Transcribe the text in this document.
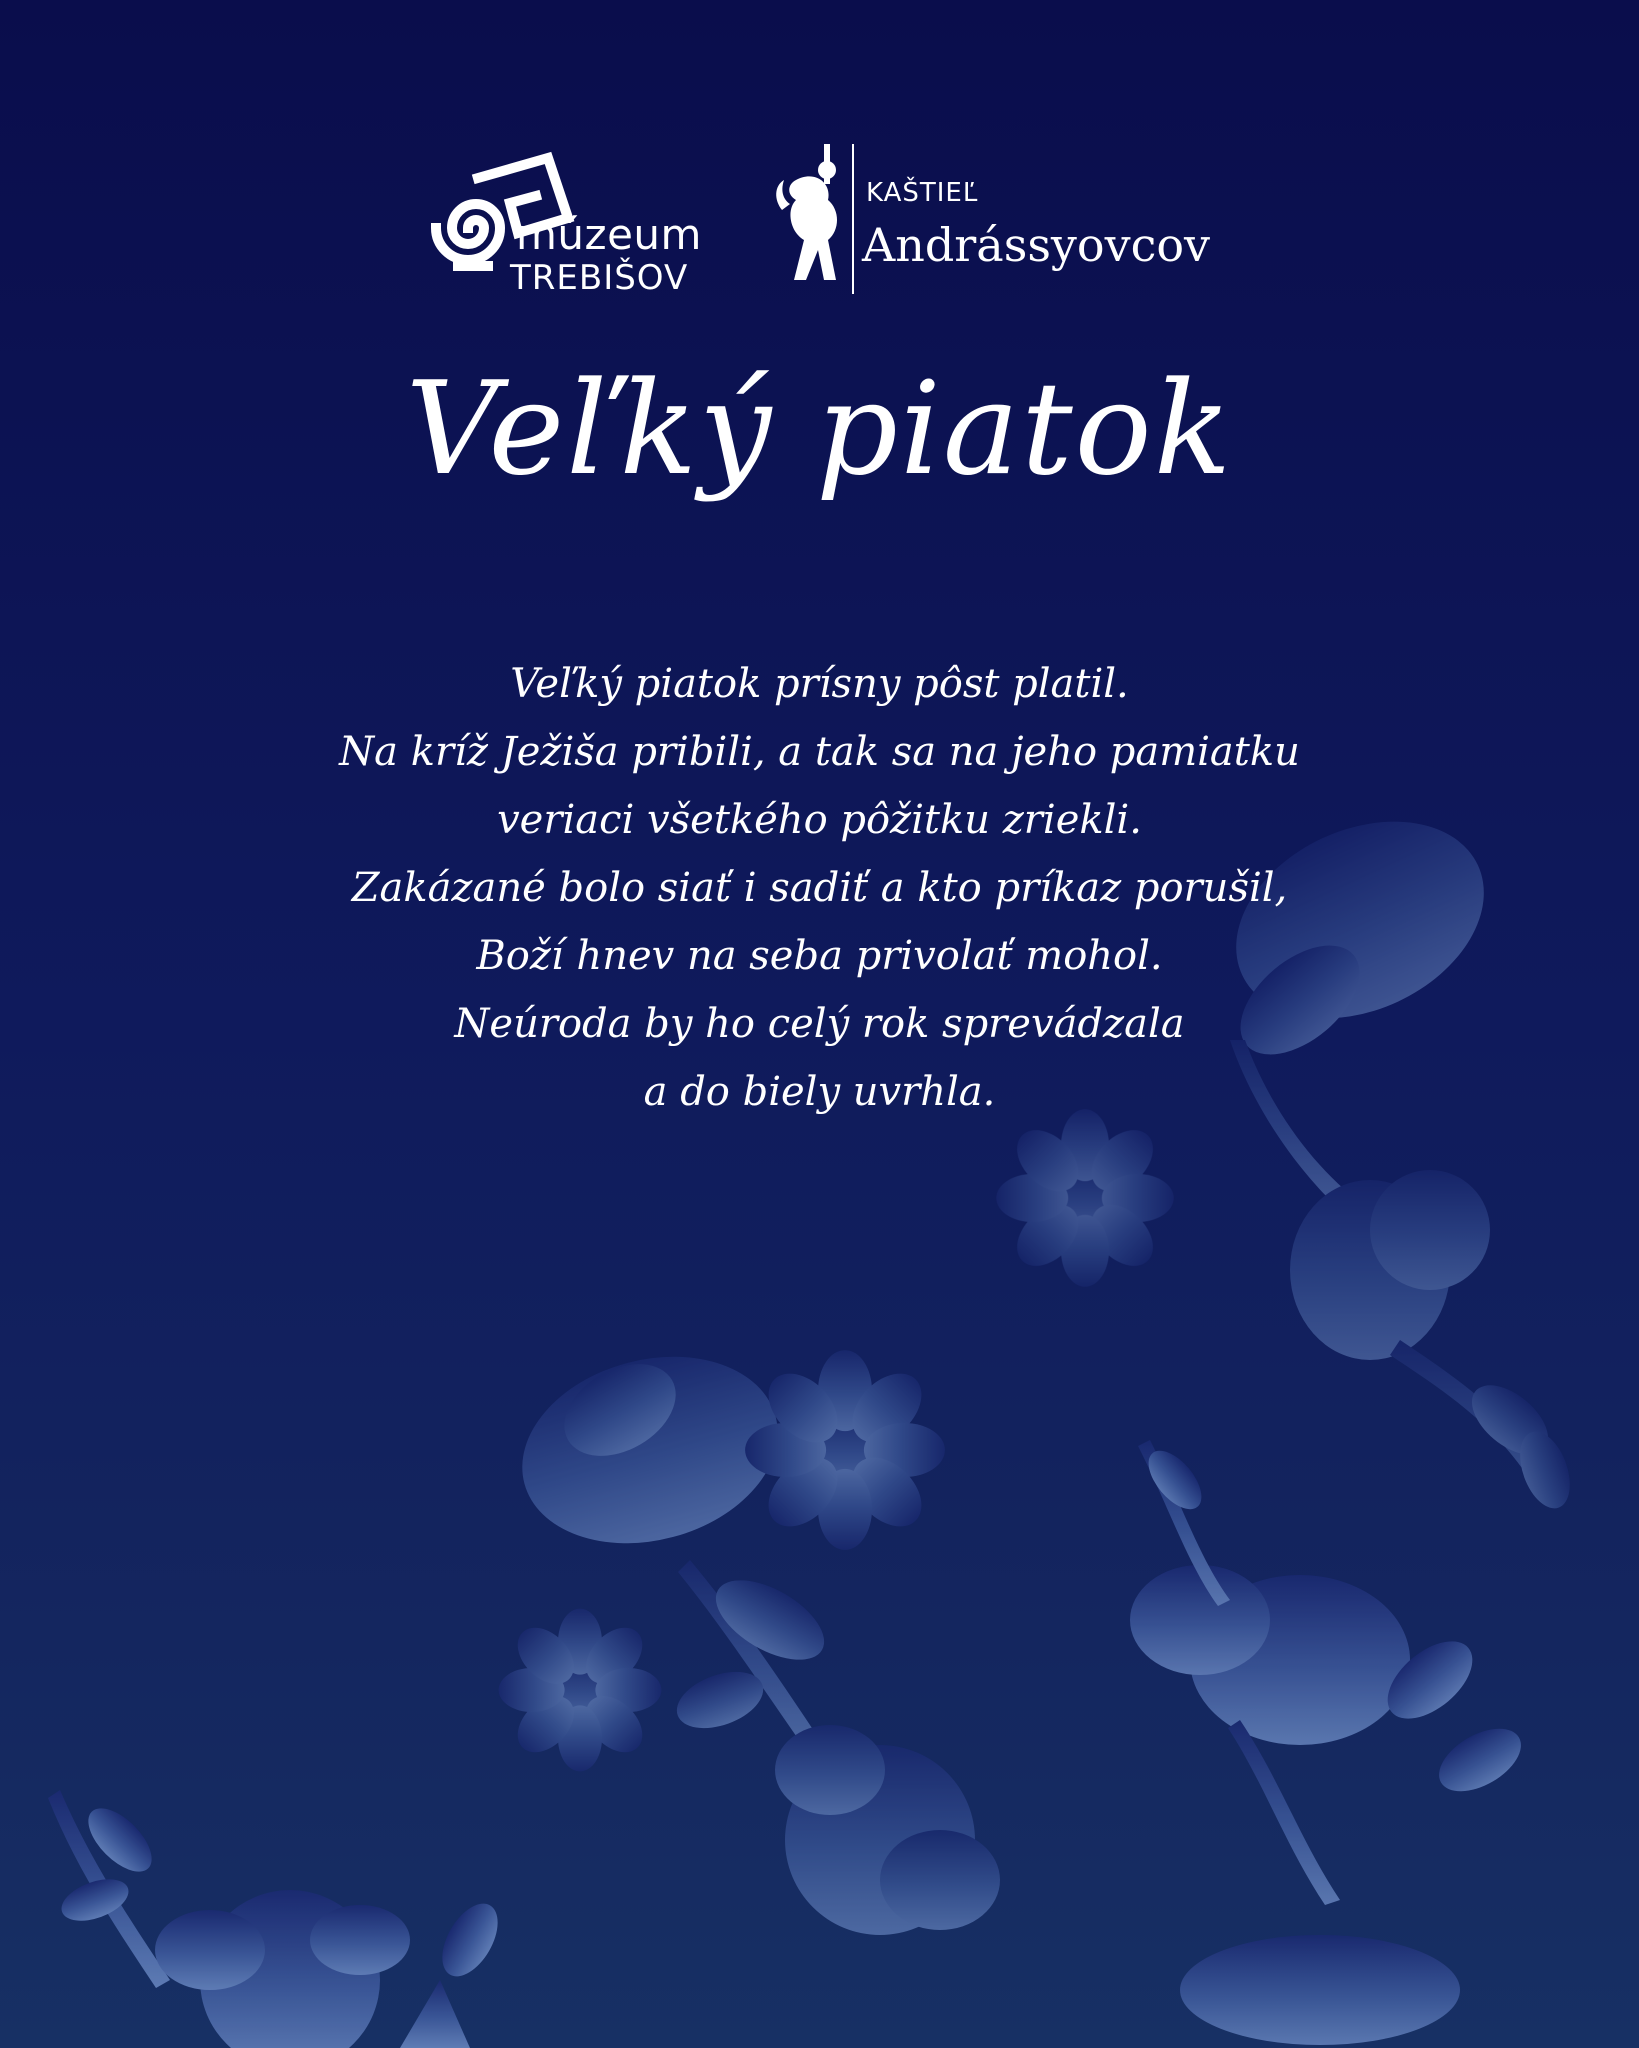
múzeum
TREBIŠOV
KAŠTIEĽ
Andrássyovcov
Veľký piatok
Veľký piatok prísny pôst platil.
Na kríž Ježiša pribili, a tak sa na jeho pamiatku
veriaci všetkého pôžitku zriekli.
Zakázané bolo siať i sadiť a kto príkaz porušil,
Boží hnev na seba privolať mohol.
Neúroda by ho celý rok sprevádzala
a do biely uvrhla.
